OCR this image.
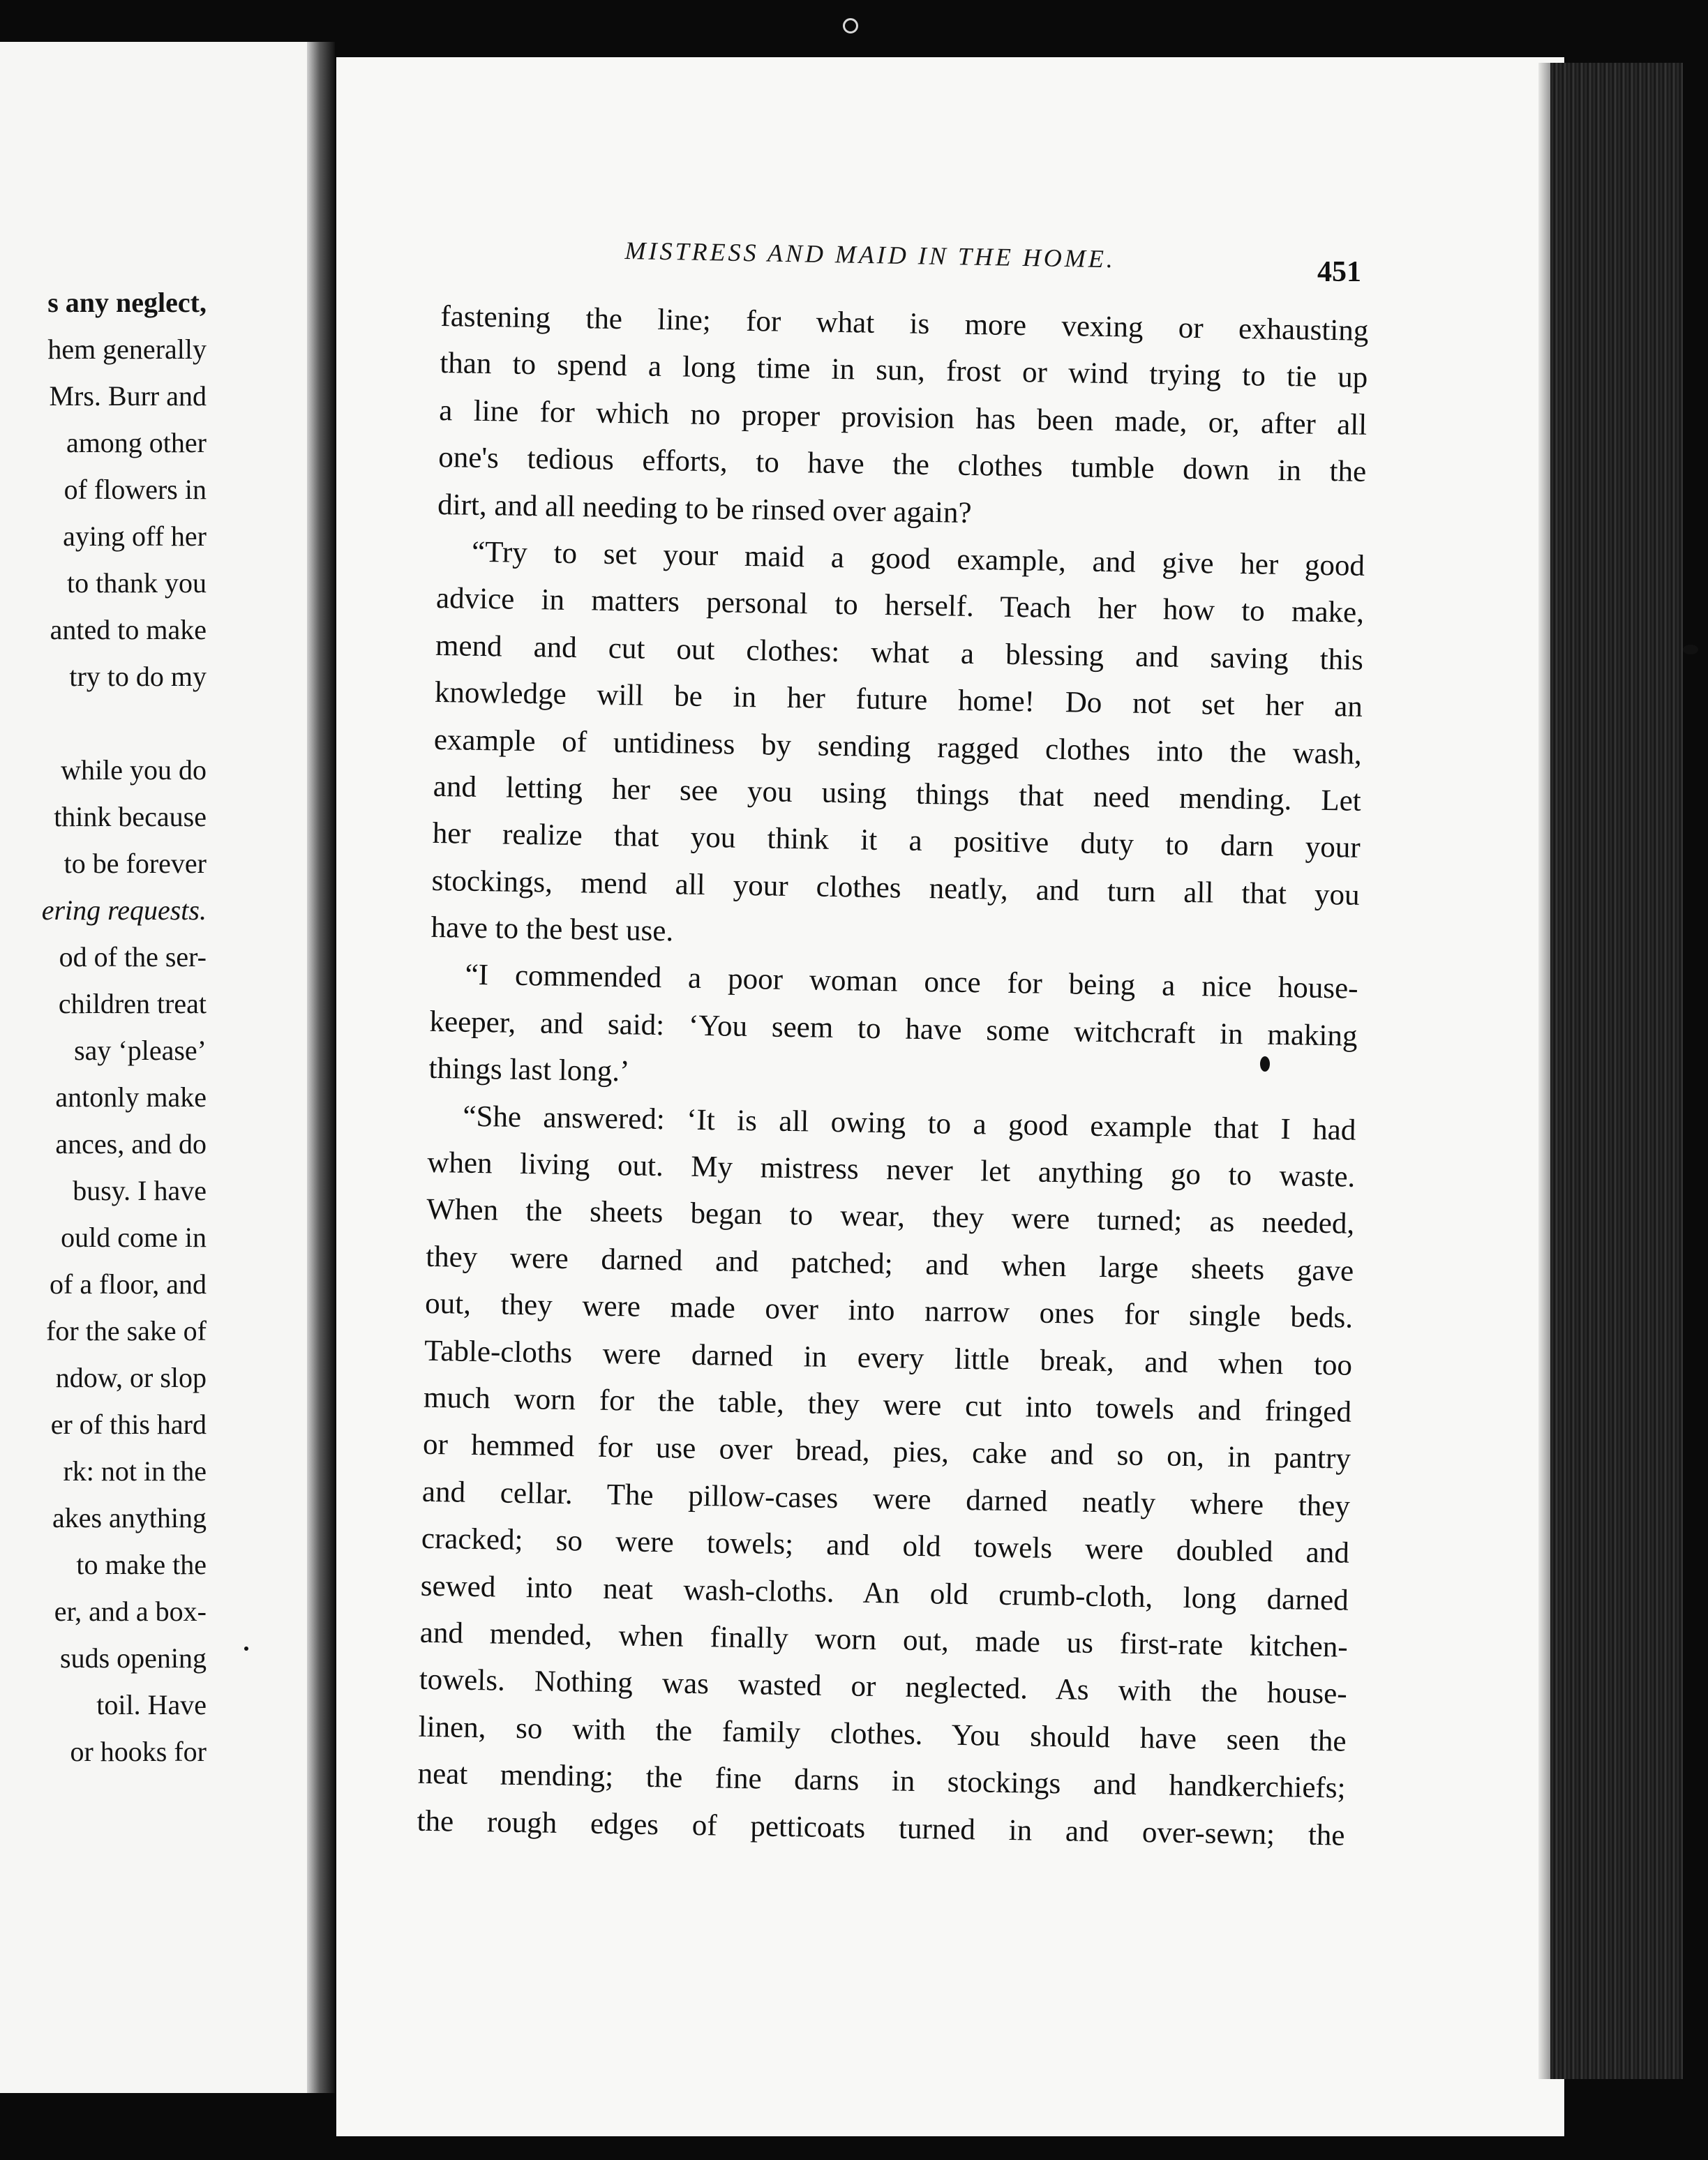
s any neglect,
hem generally
Mrs. Burr and
among other
of flowers in
aying off her
to thank you
anted to make
try to do my
while you do
think because
to be forever
ering requests.
od of the ser-
children treat
say ‘please’
antonly make
ances, and do
busy. I have
ould come in
of a floor, and
for the sake of
ndow, or slop
er of this hard
rk: not in the
akes anything
to make the
er, and a box-
suds opening
toil. Have
or hooks for
MISTRESS AND MAID IN THE HOME.	451
fastening the line; for what is more vexing or exhausting
than to spend a long time in sun, frost or wind trying to tie up
a line for which no proper provision has been made, or, after all
one's tedious efforts, to have the clothes tumble down in the
dirt, and all needing to be rinsed over again?
“Try to set your maid a good example, and give her good
advice in matters personal to herself. Teach her how to make,
mend and cut out clothes: what a blessing and saving this
knowledge will be in her future home! Do not set her an
example of untidiness by sending ragged clothes into the wash,
and letting her see you using things that need mending. Let
her realize that you think it a positive duty to darn your
stockings, mend all your clothes neatly, and turn all that you
have to the best use.
“I commended a poor woman once for being a nice house-
keeper, and said: ‘You seem to have some witchcraft in making
things last long.’
“She answered: ‘It is all owing to a good example that I had
when living out. My mistress never let anything go to waste.
When the sheets began to wear, they were turned; as needed,
they were darned and patched; and when large sheets gave
out, they were made over into narrow ones for single beds.
Table-cloths were darned in every little break, and when too
much worn for the table, they were cut into towels and fringed
or hemmed for use over bread, pies, cake and so on, in pantry
and cellar. The pillow-cases were darned neatly where they
cracked; so were towels; and old towels were doubled and
sewed into neat wash-cloths. An old crumb-cloth, long darned
and mended, when finally worn out, made us first-rate kitchen-
towels. Nothing was wasted or neglected. As with the house-
linen, so with the family clothes. You should have seen the
neat mending; the fine darns in stockings and handkerchiefs;
the rough edges of petticoats turned in and over-sewn; the
